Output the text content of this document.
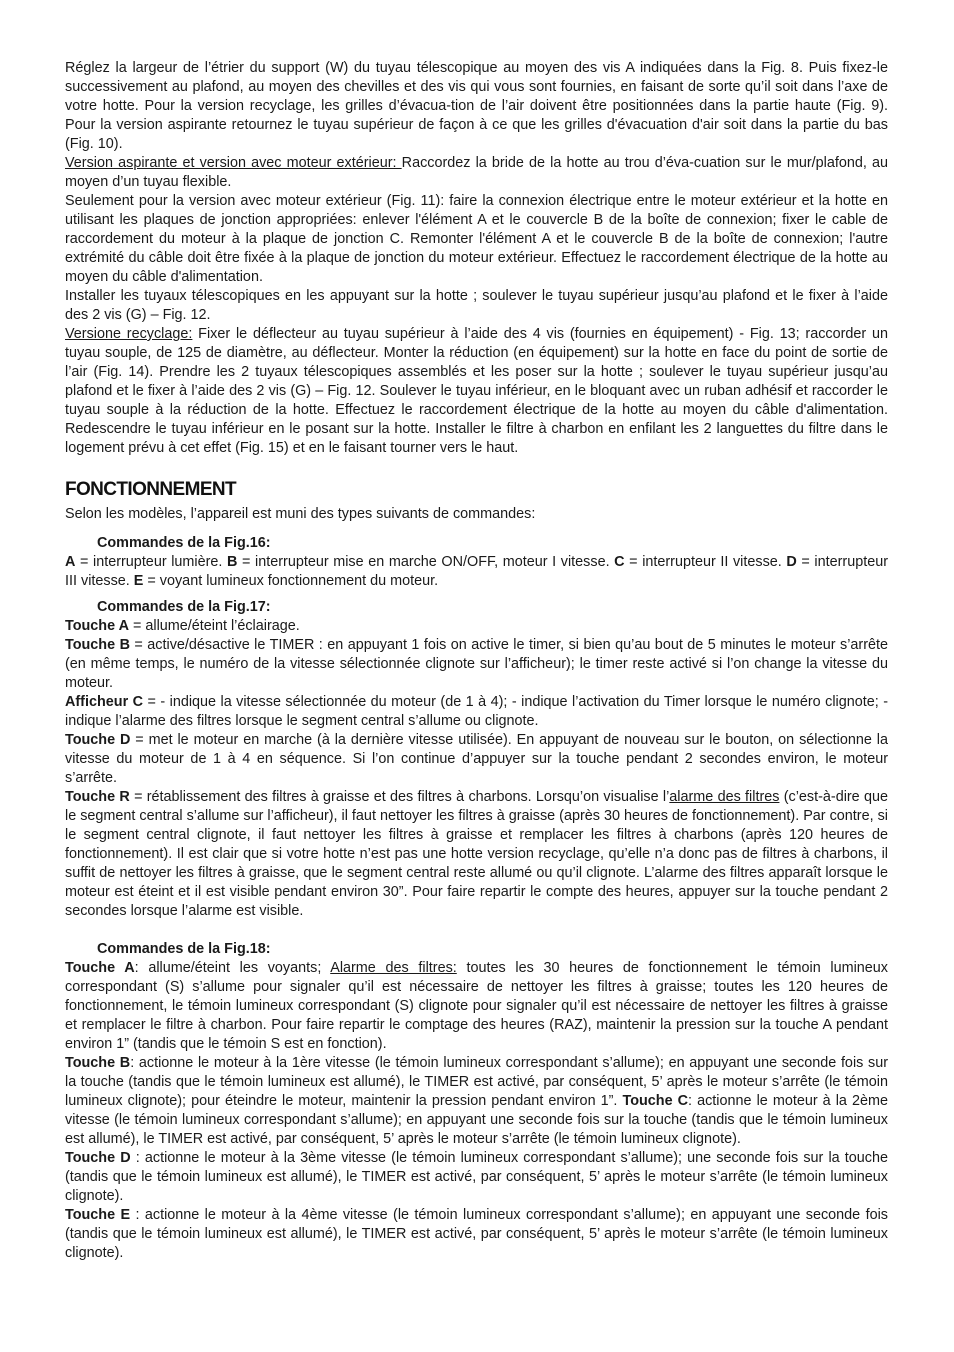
Réglez la largeur de l’étrier du support (W) du tuyau télescopique au moyen des vis A indiquées dans la Fig. 8. Puis fixez-le successivement au plafond, au moyen des chevilles et des vis qui vous sont fournies, en faisant de sorte qu’il soit dans l’axe de votre hotte. Pour la version recyclage, les grilles d’évacua-tion de l’air doivent être positionnées dans la partie haute (Fig. 9). Pour la version aspirante retournez le tuyau supérieur de façon à ce que les grilles d'évacuation d'air soit dans la partie du bas (Fig. 10).

Version aspirante et version avec moteur extérieur: Raccordez la bride de la hotte au trou d’éva-cuation sur le mur/plafond, au moyen d’un tuyau flexible.

Seulement pour la version avec moteur extérieur (Fig. 11): faire la connexion électrique entre le moteur extérieur et la hotte en utilisant les plaques de jonction appropriées: enlever l'élément A et le couvercle B de la boîte de connexion; fixer le cable de raccordement du moteur à la plaque de jonction C. Remonter l'élément A et le couvercle B de la boîte de connexion; l'autre extrémité du câble doit être fixée à la plaque de jonction du moteur extérieur. Effectuez le raccordement électrique de la hotte au moyen du câble d'alimentation.

Installer les tuyaux télescopiques en les appuyant sur la hotte ; soulever le tuyau supérieur jusqu’au plafond et le fixer à l’aide des 2 vis (G) – Fig. 12.

Versione recyclage: Fixer le déflecteur au tuyau supérieur à l’aide des 4 vis (fournies en équipement) - Fig. 13; raccorder un tuyau souple, de 125 de diamètre, au déflecteur. Monter la réduction (en équipement) sur la hotte en face du point de sortie de l’air (Fig. 14). Prendre les 2 tuyaux télescopiques assemblés et les poser sur la hotte ; soulever le tuyau supérieur jusqu’au plafond et le fixer à l’aide des 2 vis (G) – Fig. 12. Soulever le tuyau inférieur, en le bloquant avec un ruban adhésif et raccorder le tuyau souple à la réduction de la hotte. Effectuez le raccordement électrique de la hotte au moyen du câble d'alimentation. Redescendre le tuyau inférieur en le posant sur la hotte. Installer le filtre à charbon en enfilant les 2 languettes du filtre dans le logement prévu à cet effet (Fig. 15) et en le faisant tourner vers le haut.

FONCTIONNEMENT

Selon les modèles, l’appareil est muni des types suivants de commandes:

Commandes de la Fig.16:

A = interrupteur lumière. B = interrupteur mise en marche ON/OFF, moteur I vitesse. C = interrupteur II vitesse. D = interrupteur III vitesse. E = voyant lumineux fonctionnement du moteur.

Commandes de la Fig.17:

Touche A = allume/éteint l’éclairage.

Touche B = active/désactive le TIMER : en appuyant 1 fois on active le timer, si bien qu’au bout de 5 minutes le moteur s’arrête (en même temps, le numéro de la vitesse sélectionnée clignote sur l’afficheur); le timer reste activé si l’on change la vitesse du moteur.

Afficheur C = - indique la vitesse sélectionnée du moteur (de 1 à 4); - indique l’activation du Timer lorsque le numéro clignote; - indique l’alarme des filtres lorsque le segment central s’allume ou clignote.

Touche D = met le moteur en marche (à la dernière vitesse utilisée). En appuyant de nouveau sur le bouton, on sélectionne la vitesse du moteur de 1 à 4 en séquence. Si l’on continue d’appuyer sur la touche pendant 2 secondes environ, le moteur s’arrête.

Touche R = rétablissement des filtres à graisse et des filtres à charbons. Lorsqu’on visualise l’alarme des filtres (c’est-à-dire que le segment central s’allume sur l’afficheur), il faut nettoyer les filtres à graisse (après 30 heures de fonctionnement). Par contre, si le segment central clignote, il faut nettoyer les filtres à graisse et remplacer les filtres à charbons (après 120 heures de fonctionnement). Il est clair que si votre hotte n’est pas une hotte version recyclage, qu’elle n’a donc pas de filtres à charbons, il suffit de nettoyer les filtres à graisse, que le segment central reste allumé ou qu’il clignote. L’alarme des filtres apparaît lorsque le moteur est éteint et il est visible pendant environ 30”. Pour faire repartir le compte des heures, appuyer sur la touche pendant 2 secondes lorsque l’alarme est visible.

Commandes de la Fig.18:

Touche A: allume/éteint les voyants; Alarme des filtres: toutes les 30 heures de fonctionnement le témoin lumineux correspondant (S) s’allume pour signaler qu’il est nécessaire de nettoyer les filtres à graisse; toutes les 120 heures de fonctionnement, le témoin lumineux correspondant (S) clignote pour signaler qu’il est nécessaire de nettoyer les filtres à graisse et remplacer le filtre à charbon. Pour faire repartir le comptage des heures (RAZ), maintenir la pression sur la touche A pendant environ 1” (tandis que le témoin S est en fonction).

Touche B: actionne le moteur à la 1ère vitesse (le témoin lumineux correspondant s’allume); en appuyant une seconde fois sur la touche (tandis que le témoin lumineux est allumé), le TIMER est activé, par conséquent, 5’ après le moteur s’arrête (le témoin lumineux clignote); pour éteindre le moteur, maintenir la pression pendant environ 1”. Touche C: actionne le moteur à la 2ème vitesse (le témoin lumineux correspondant s’allume); en appuyant une seconde fois sur la touche (tandis que le témoin lumineux est allumé), le TIMER est activé, par conséquent, 5’ après le moteur s’arrête (le témoin lumineux clignote).

Touche D : actionne le moteur à la 3ème vitesse (le témoin lumineux correspondant s’allume); une seconde fois sur la touche (tandis que le témoin lumineux est allumé), le TIMER est activé, par conséquent, 5’ après le moteur s’arrête (le témoin lumineux clignote).

Touche E : actionne le moteur à la 4ème vitesse (le témoin lumineux correspondant s’allume); en appuyant une seconde fois (tandis que le témoin lumineux est allumé), le TIMER est activé, par conséquent, 5’ après le moteur s’arrête (le témoin lumineux clignote).
